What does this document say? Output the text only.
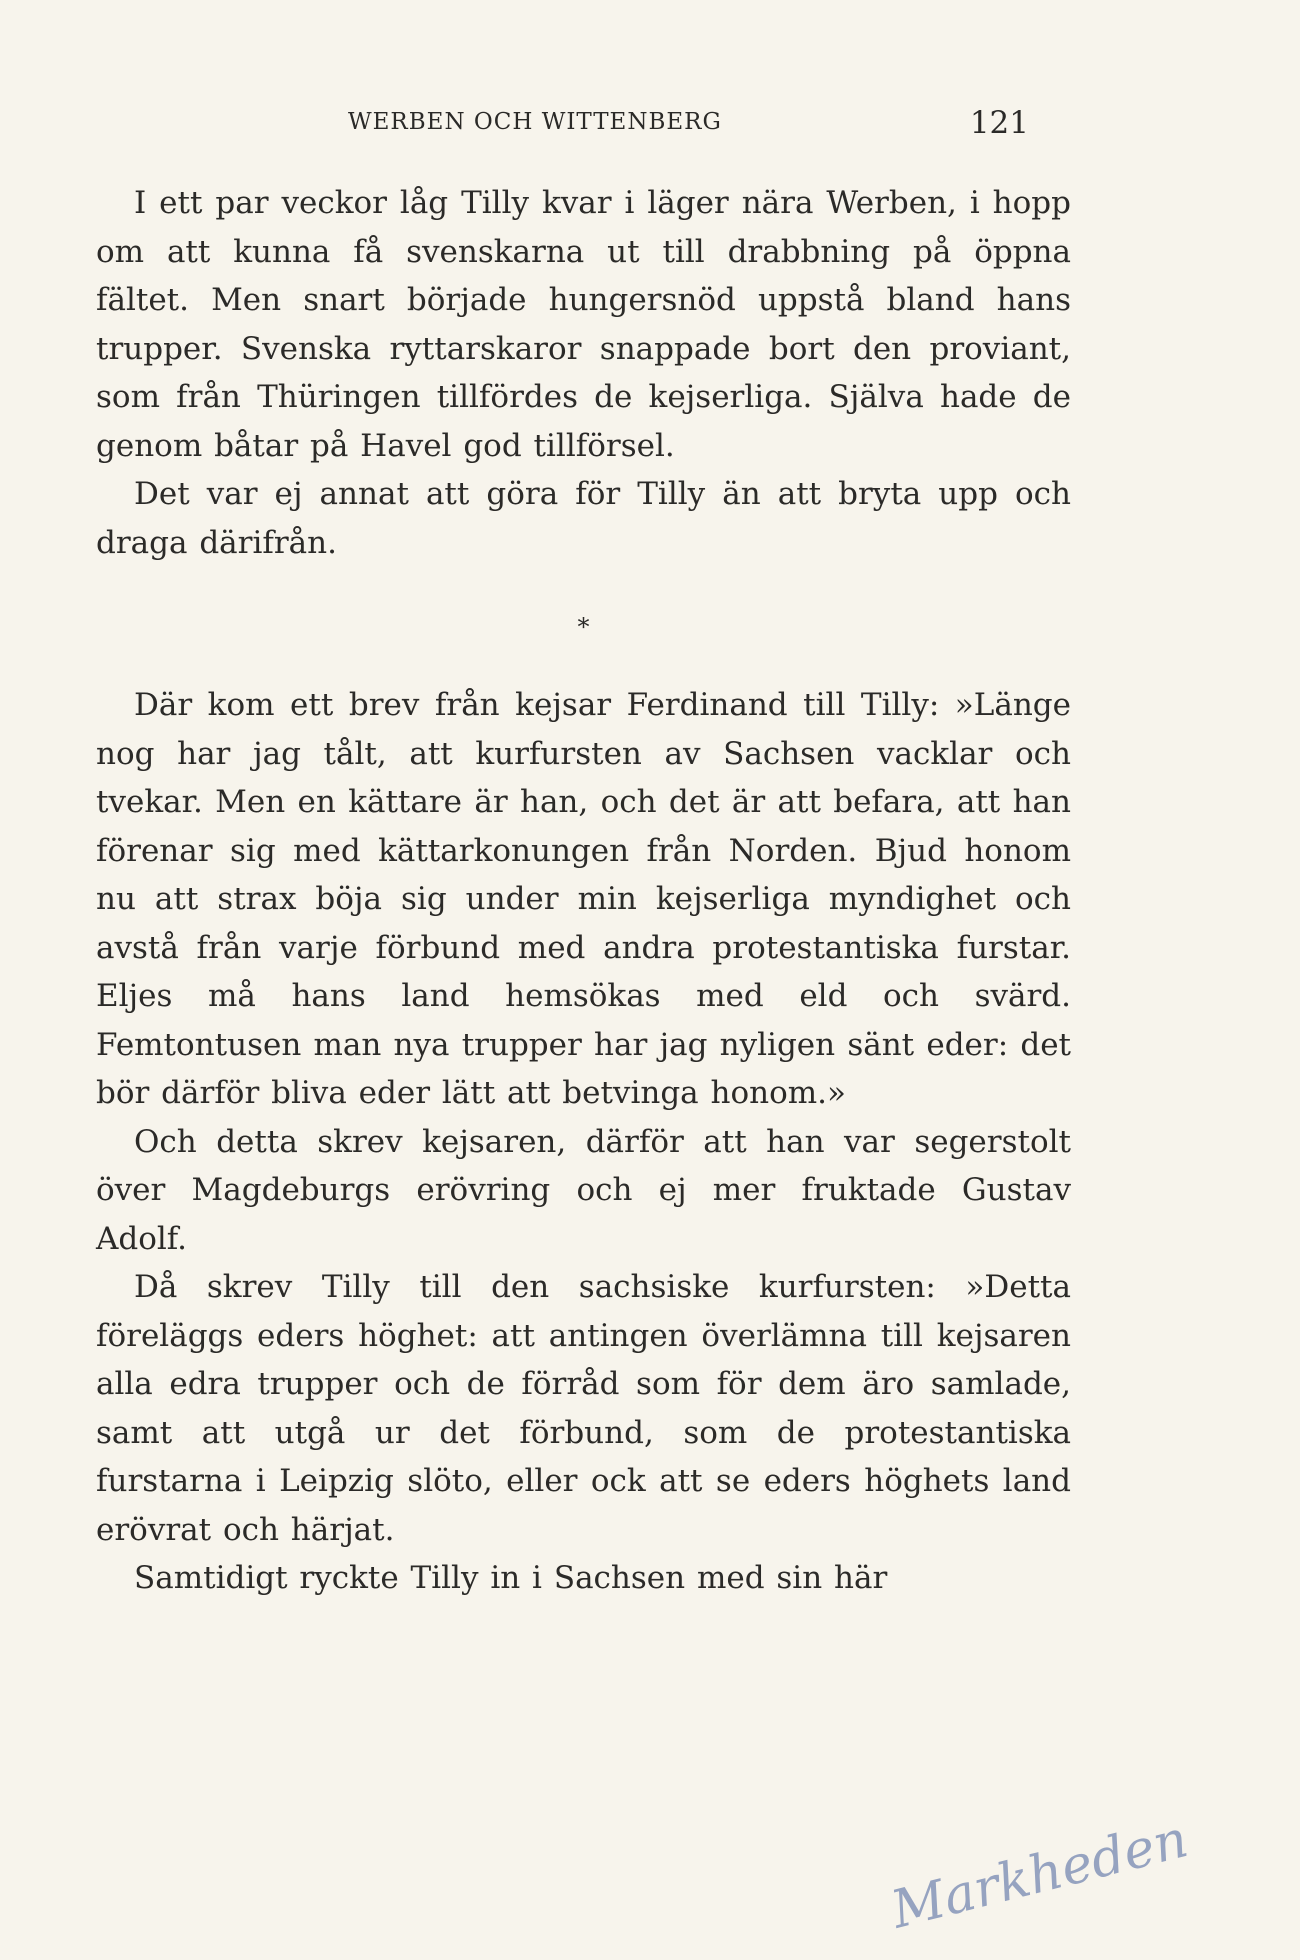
WERBEN OCH WITTENBERG	121

I ett par veckor låg Tilly kvar i läger nära Werben, i hopp om att kunna få svenskarna ut till drabbning på öppna fältet. Men snart började hungersnöd uppstå bland hans trupper. Svenska ryttarskaror snappade bort den proviant, som från Thüringen tillfördes de kejserliga. Själva hade de genom båtar på Havel god tillförsel.

Det var ej annat att göra för Tilly än att bryta upp och draga därifrån.

*

Där kom ett brev från kejsar Ferdinand till Tilly: »Länge nog har jag tålt, att kurfursten av Sachsen vacklar och tvekar. Men en kättare är han, och det är att befara, att han förenar sig med kättarkonungen från Norden. Bjud honom nu att strax böja sig under min kejserliga myndighet och avstå från varje förbund med andra protestantiska furstar. Eljes må hans land hemsökas med eld och svärd. Femtontusen man nya trupper har jag nyligen sänt eder: det bör därför bliva eder lätt att betvinga honom.»

Och detta skrev kejsaren, därför att han var segerstolt över Magdeburgs erövring och ej mer fruktade Gustav Adolf.

Då skrev Tilly till den sachsiske kurfursten: »Detta föreläggs eders höghet: att antingen överlämna till kejsaren alla edra trupper och de förråd som för dem äro samlade, samt att utgå ur det förbund, som de protestantiska furstarna i Leipzig slöto, eller ock att se eders höghets land erövrat och härjat.

Samtidigt ryckte Tilly in i Sachsen med sin här

Markheden
